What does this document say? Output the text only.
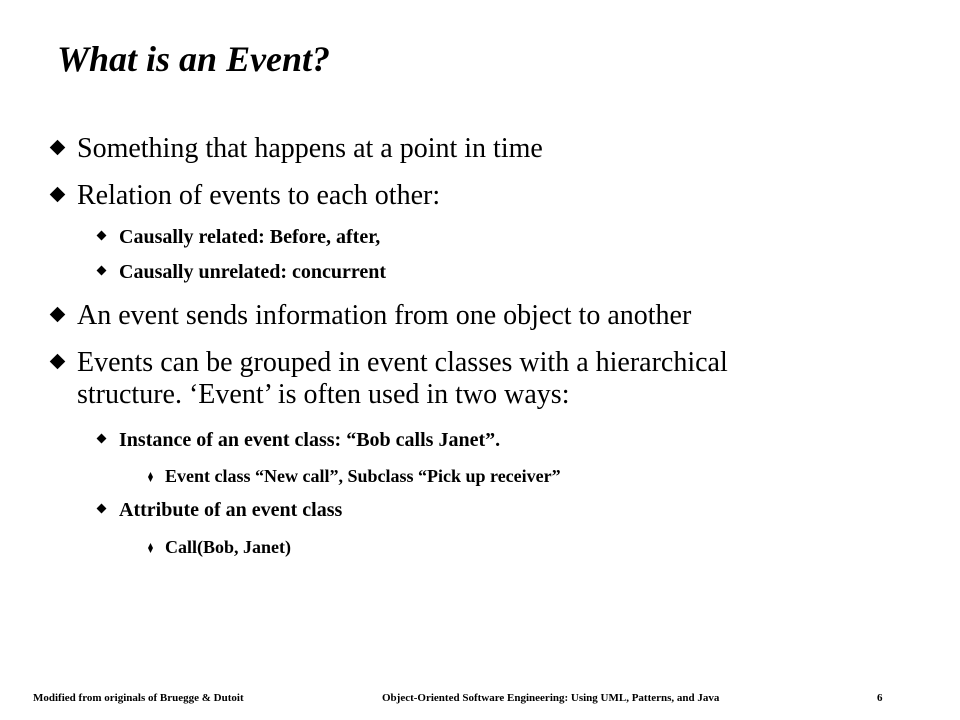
What is an Event?
Something that happens at a point in time
Relation of events to each other:
Causally related: Before, after,
Causally unrelated: concurrent
An event sends information from one object to another
Events can be grouped in event classes with a hierarchical
structure. ‘Event’ is often used in two ways:
Instance of an event class: “Bob calls Janet”.
Event class “New call”, Subclass “Pick up receiver”
Attribute of an event class
Call(Bob, Janet)
Modified from originals of Bruegge & Dutoit	Object-Oriented Software Engineering: Using UML, Patterns, and Java	6
